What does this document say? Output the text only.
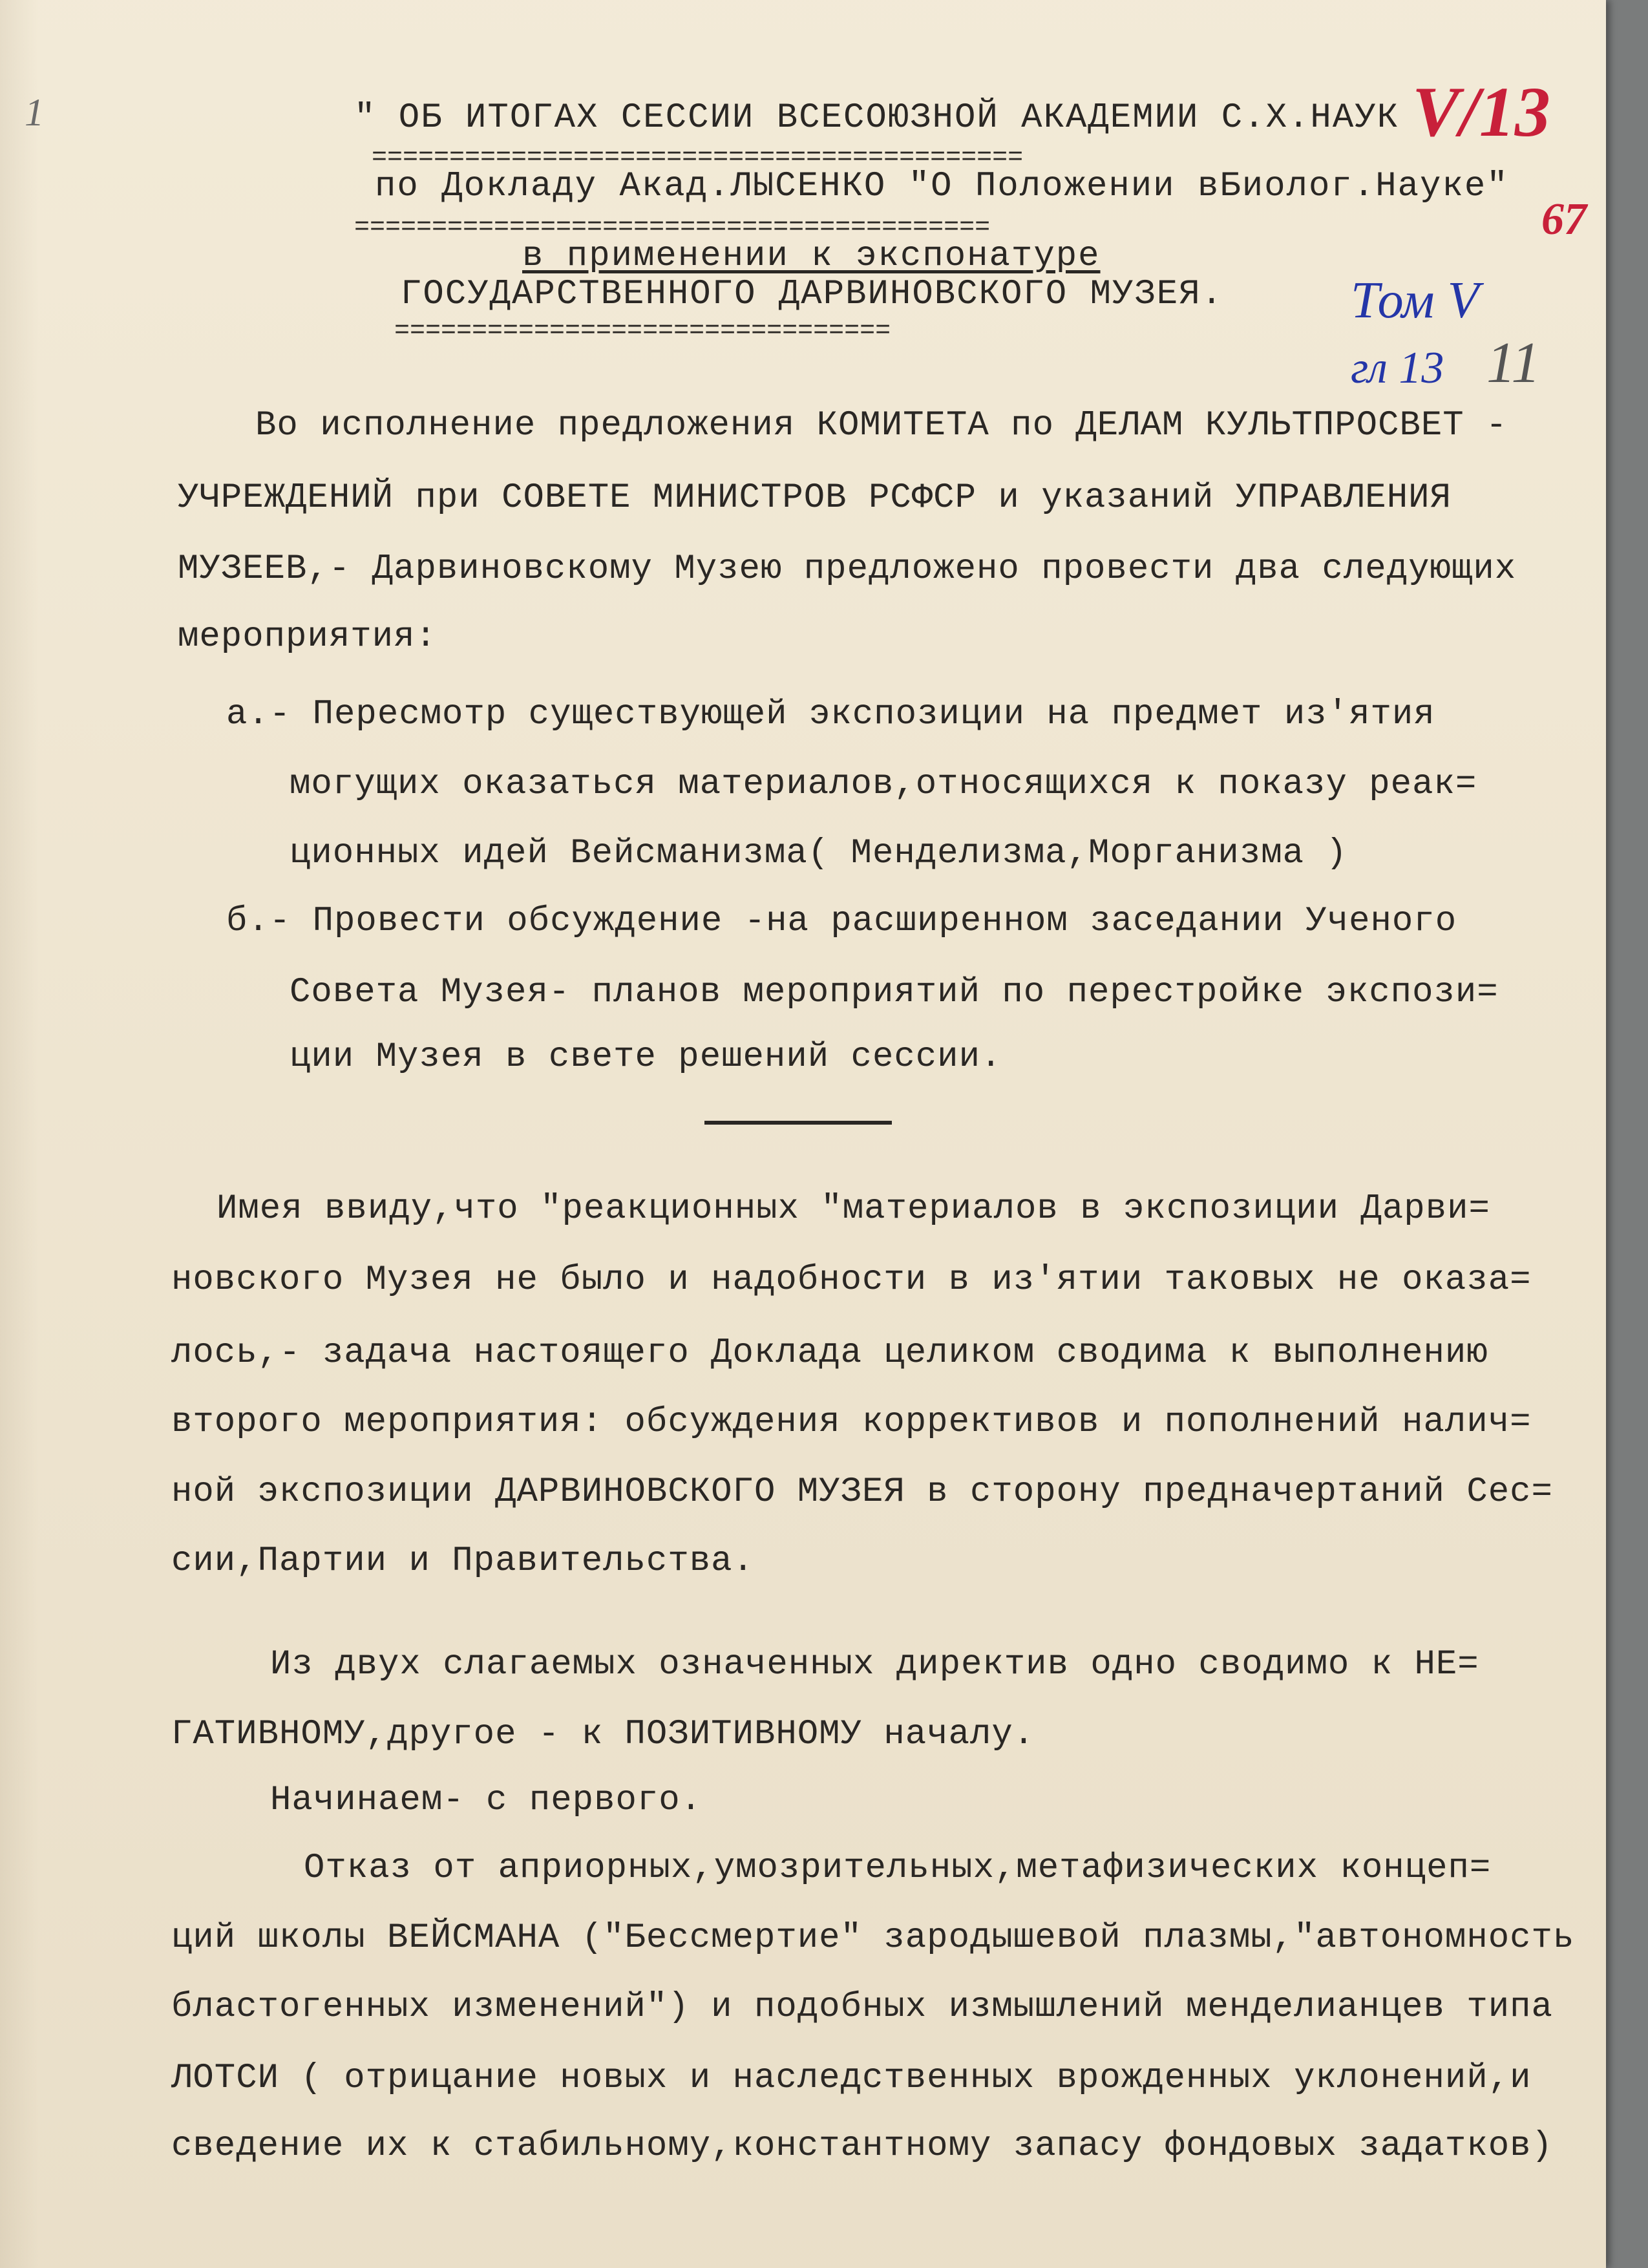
1	V/13
67
Том V
гл 13 11
" ОБ ИТОГАХ СЕССИИ ВСЕСОЮЗНОЙ АКАДЕМИИ С.Х.НАУК
==========================================
по Докладу Акад.ЛЫСЕНКО "О Положении вБиолог.Науке"
=========================================
в применении к экспонатуре
ГОСУДАРСТВЕННОГО ДАРВИНОВСКОГО МУЗЕЯ.
================================
Во исполнение предложения КОМИТЕТА по ДЕЛАМ КУЛЬТПРОСВЕТ -
УЧРЕЖДЕНИЙ при СОВЕТЕ МИНИСТРОВ РСФСР и указаний УПРАВЛЕНИЯ
МУЗЕЕВ,- Дарвиновскому Музею предложено провести два следующих
мероприятия:
а.- Пересмотр существующей экспозиции на предмет из'ятия
могущих оказаться материалов,относящихся к показу реак=
ционных идей Вейсманизма( Менделизма,Морганизма )
б.- Провести обсуждение -на расширенном заседании Ученого
Совета Музея- планов мероприятий по перестройке экспози=
ции Музея в свете решений сессии.
Имея ввиду,что "реакционных "материалов в экспозиции Дарви=
новского Музея не было и надобности в из'ятии таковых не оказа=
лось,- задача настоящего Доклада целиком сводима к выполнению
второго мероприятия: обсуждения коррективов и пополнений налич=
ной экспозиции ДАРВИНОВСКОГО МУЗЕЯ в сторону предначертаний Сес=
сии,Партии и Правительства.
Из двух слагаемых означенных директив одно сводимо к НЕ=
ГАТИВНОМУ,другое - к ПОЗИТИВНОМУ началу.
Начинаем- с первого.
Отказ от априорных,умозрительных,метафизических концеп=
ций школы ВЕЙСМАНА ("Бессмертие" зародышевой плазмы,"автономность
бластогенных изменений") и подобных измышлений менделианцев типа
ЛОТСИ ( отрицание новых и наследственных врожденных уклонений,и
сведение их к стабильному,константному запасу фондовых задатков)
